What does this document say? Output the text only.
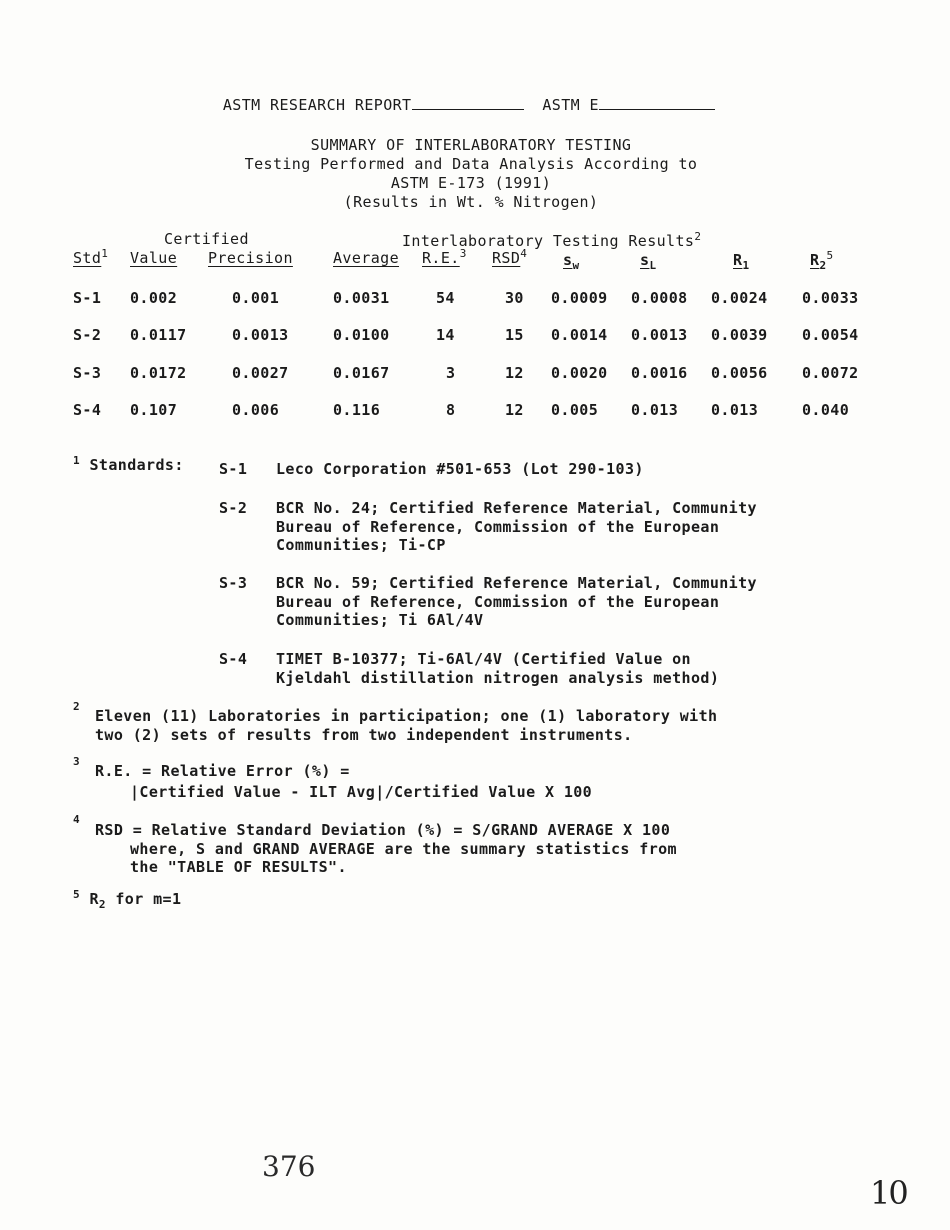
ASTM RESEARCH REPORT	ASTM E

SUMMARY OF INTERLABORATORY TESTING
Testing Performed and Data Analysis According to
ASTM E-173 (1991)
(Results in Wt. % Nitrogen)
Certified	Interlaboratory Testing Results$^2$
Std$^1$ Value Precision	Average R.E.$^3$ RSD$^4$ $s_w$	$s_L$	$R_1$	$R_2^5$
S-1 0.002	0.001	0.0031	54	30 0.0009 0.0008 0.0024 0.0033
S-2 0.0117	0.0013	0.0100	14	15 0.0014 0.0013 0.0039 0.0054
S-3 0.0172	0.0027	0.0167	3	12 0.0020 0.0016 0.0056 0.0072
S-4 0.107	0.006	0.116	8	12 0.005 0.013 0.013	0.040
$^1$ Standards: S-1 Leco Corporation #501-653 (Lot 290-103)
S-2 BCR No. 24; Certified Reference Material, Community
Bureau of Reference, Commission of the European
Communities; Ti-CP
S-3 BCR No. 59; Certified Reference Material, Community
Bureau of Reference, Commission of the European
Communities; Ti 6Al/4V
S-4 TIMET B-10377; Ti-6Al/4V (Certified Value on
Kjeldahl distillation nitrogen analysis method)
$^2$
Eleven (11) Laboratories in participation; one (1) laboratory with
two (2) sets of results from two independent instruments.
$^3$
R.E. = Relative Error (%) =
|Certified Value - ILT Avg|/Certified Value X 100
$^4$
RSD = Relative Standard Deviation (%) = S/GRAND AVERAGE X 100
where, S and GRAND AVERAGE are the summary statistics from
the "TABLE OF RESULTS".
$^5$ $R_2$ for m=1
376
10
